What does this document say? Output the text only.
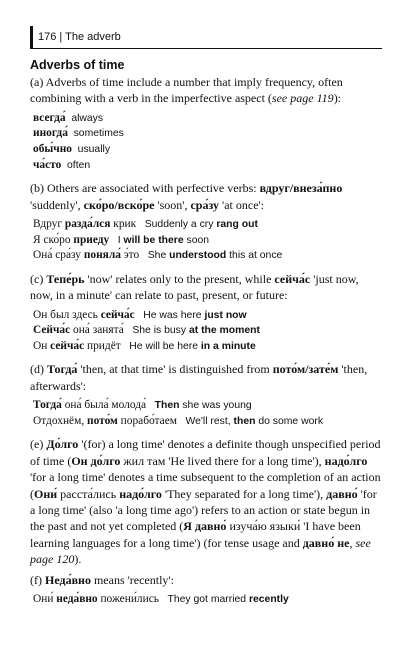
176 | The adverb
Adverbs of time

(a) Adverbs of time include a number that imply frequency, often combining with a verb in the imperfective aspect (see page 119):

всегда́ always
иногда́ sometimes
обы́чно usually
ча́сто often

(b) Others are associated with perfective verbs: вдруг/внеза́пно 'suddenly', ско́ро/вско́ре 'soon', сра́зу 'at once':

Вдруг разда́лся крик Suddenly a cry rang out
Я ско́ро приеду I will be there soon
Она́ сра́зу поняла́ э́то She understood this at once

(c) Тепе́рь 'now' relates only to the present, while сейча́с 'just now, now, in a minute' can relate to past, present, or future:

Он был здесь сейча́с He was here just now
Сейча́с она́ занята́ She is busy at the moment
Он сейча́с придёт He will be here in a minute

(d) Тогда́ 'then, at that time' is distinguished from пото́м/зате́м 'then, afterwards':

Тогда́ она́ была́ молода́ Then she was young
Отдохнём, пото́м порабо́таем We'll rest, then do some work

(e) До́лго '(for) a long time' denotes a definite though unspecified period of time (Он до́лго жил там 'He lived there for a long time'), надо́лго 'for a long time' denotes a time subsequent to the completion of an action (Они́ расста́лись надо́лго 'They separated for a long time'), давно́ 'for a long time' (also 'a long time ago') refers to an action or state begun in the past and not yet completed (Я давно́ изуча́ю языки́ 'I have been learning languages for a long time') (for tense usage and давно́ не, see page 120).

(f) Неда́вно means 'recently':

Они́ неда́вно пожени́лись They got married recently
